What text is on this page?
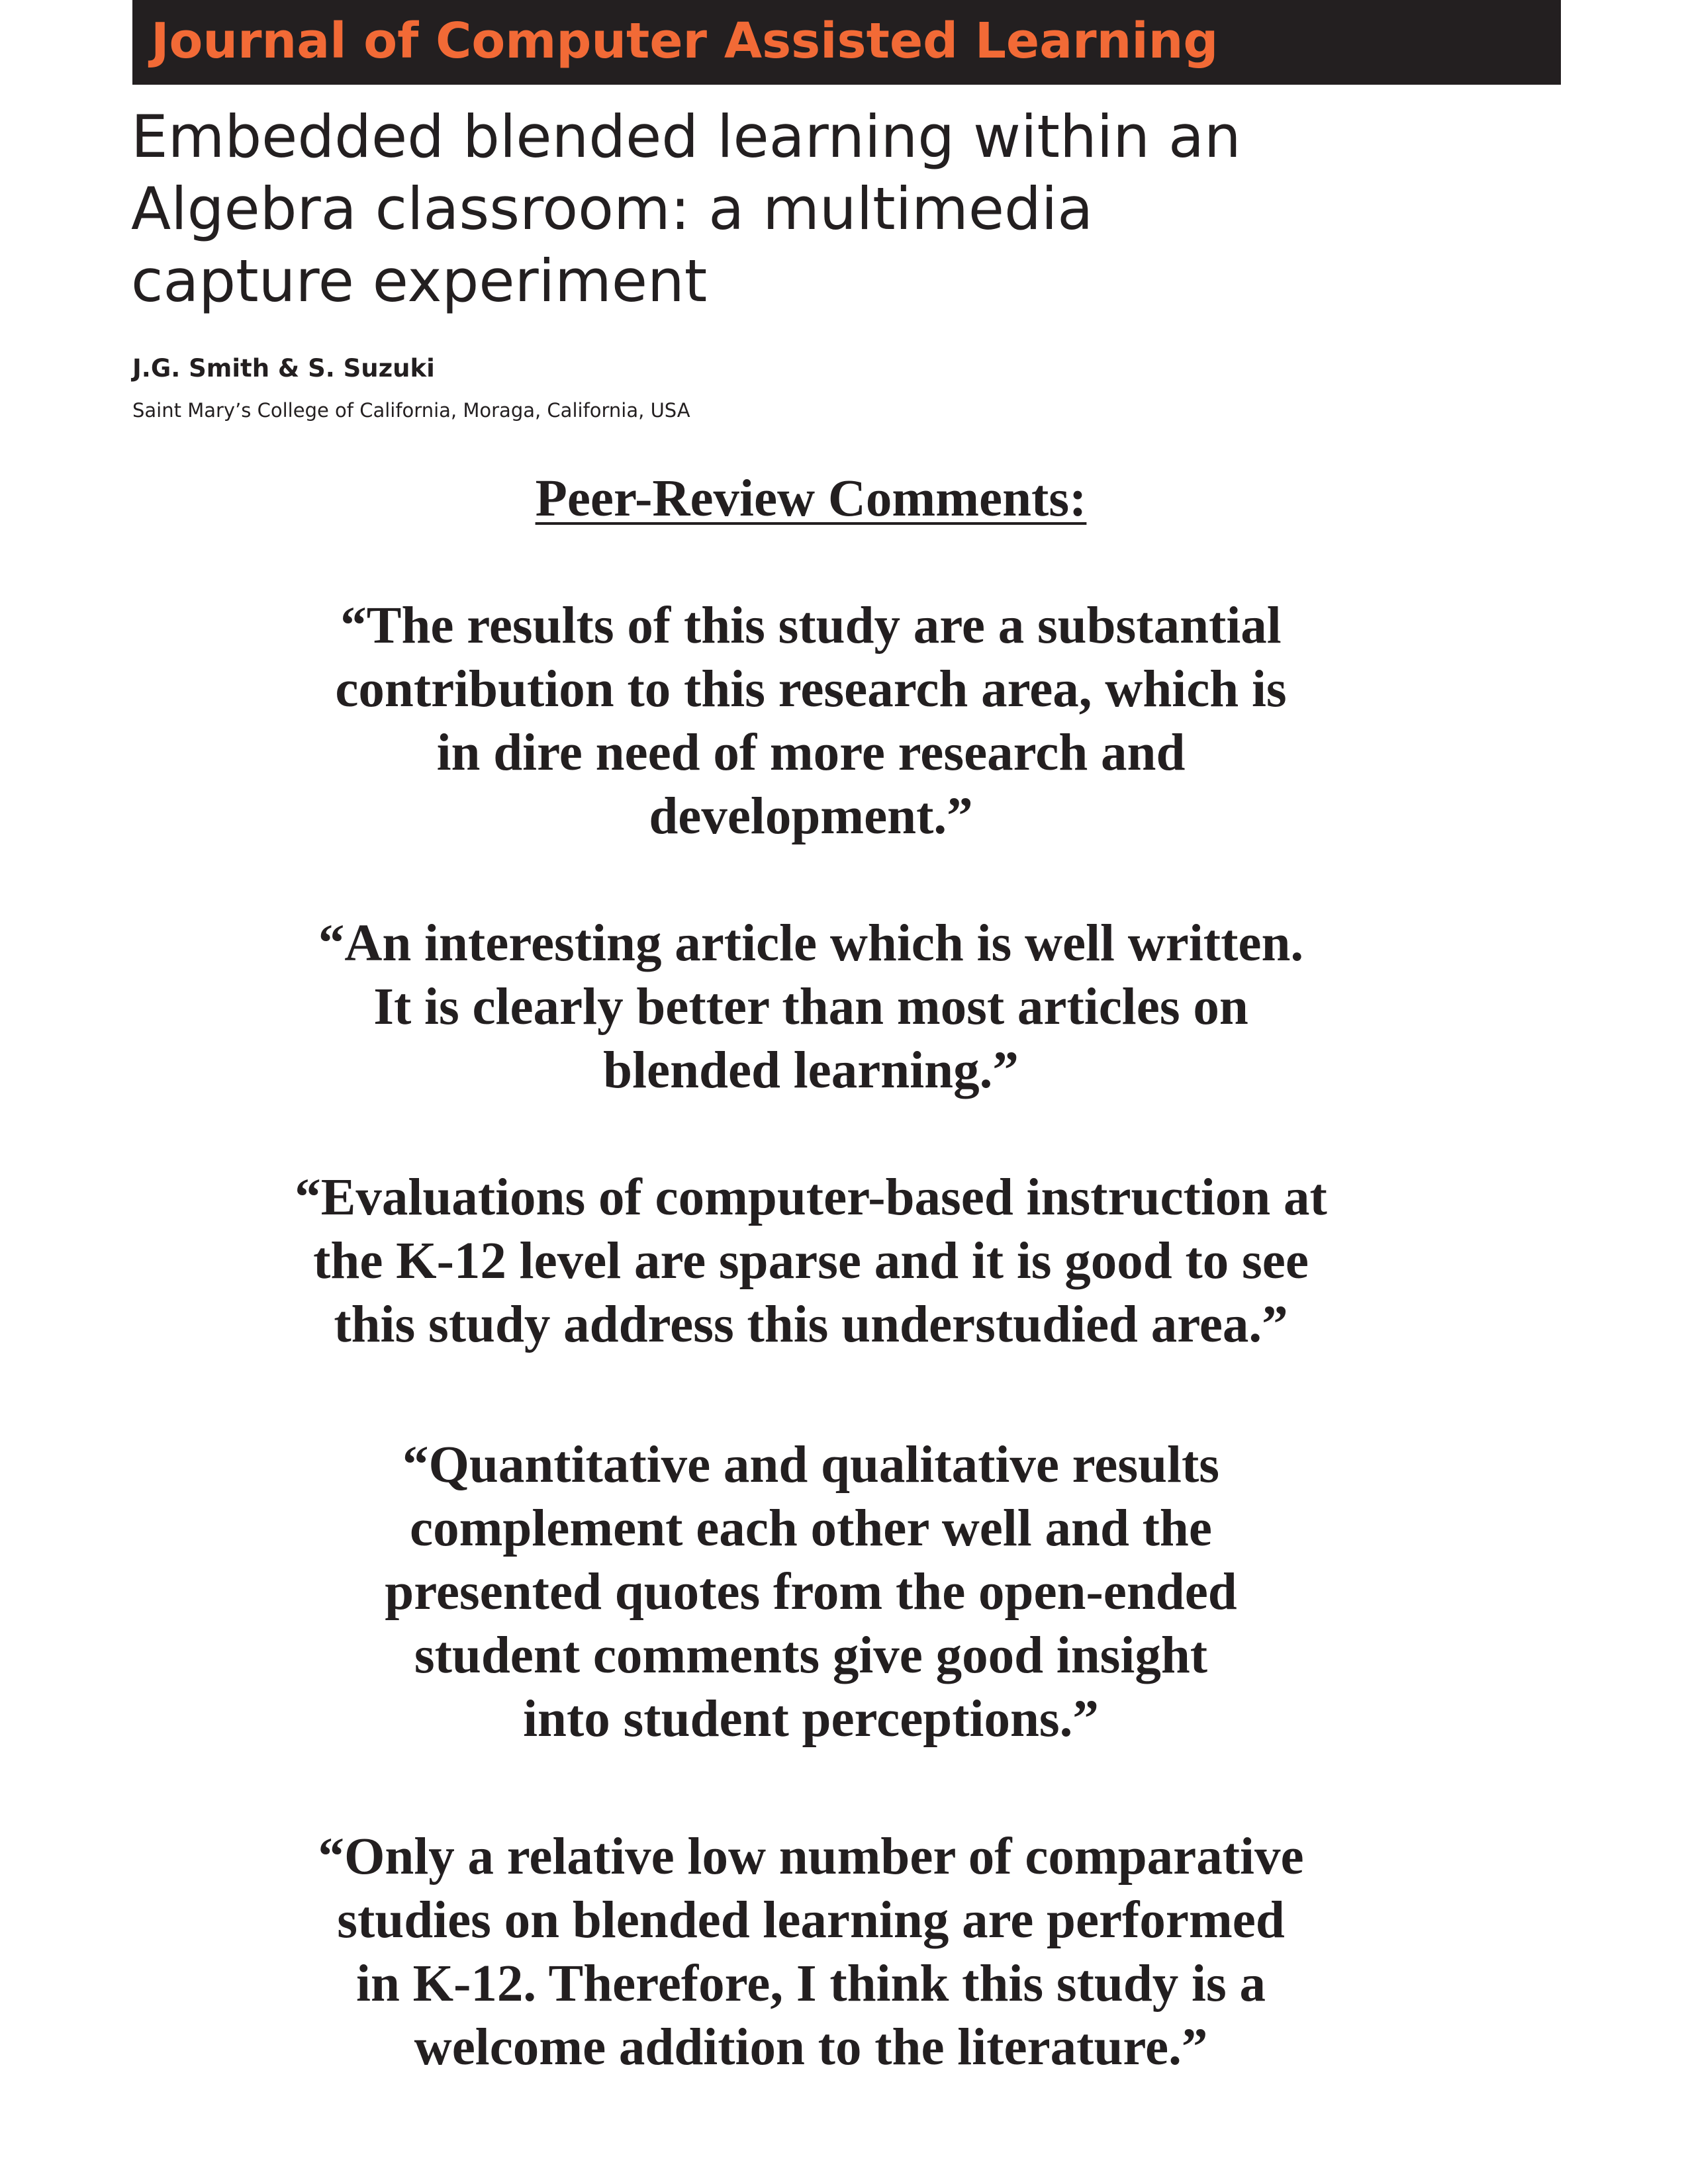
Journal of Computer Assisted Learning
Embedded blended learning within an
Algebra classroom: a multimedia
capture experiment
J.G. Smith & S. Suzuki
Saint Mary’s College of California, Moraga, California, USA
Peer-Review Comments:
“The results of this study are a substantial
contribution to this research area, which is
in dire need of more research and
development.”
“An interesting article which is well written.
It is clearly better than most articles on
blended learning.”
“Evaluations of computer-based instruction at
the K-12 level are sparse and it is good to see
this study address this understudied area.”
“Quantitative and qualitative results
complement each other well and the
presented quotes from the open-ended
student comments give good insight
into student perceptions.”
“Only a relative low number of comparative
studies on blended learning are performed
in K-12. Therefore, I think this study is a
welcome addition to the literature.”
